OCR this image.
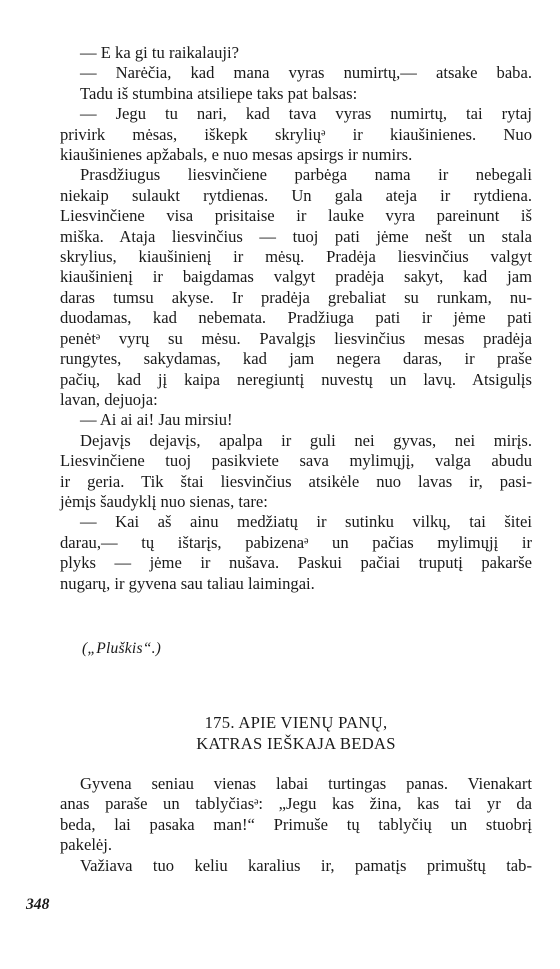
— E ka gi tu raikalauji?
— Narėčia, kad mana vyras numirtų,— atsake baba.
Tadu iš stumbina atsiliepe taks pat balsas:
— Jegu tu nari, kad tava vyras numirtų, tai rytaj
privirk mėsas, iškepk skryliųᵊ ir kiaušinienes. Nuo
kiaušinienes apžabals, e nuo mesas apsirgs ir numirs.
Prasdžiugus liesvinčiene parbėga nama ir nebegali
niekaip sulaukt rytdienas. Un gala ateja ir rytdiena.
Liesvinčiene visa prisitaise ir lauke vyra pareinunt iš
miška. Ataja liesvinčius — tuoj pati jėme nešt un stala
skrylius, kiaušinienį ir mėsų. Pradėja liesvinčius valgyt
kiaušinienį ir baigdamas valgyt pradėja sakyt, kad jam
daras tumsu akyse. Ir pradėja grebaliat su runkam, nu-
duodamas, kad nebemata. Pradžiuga pati ir jėme pati
penėtᵊ vyrų su mėsu. Pavalgįs liesvinčius mesas pradėja
rungytes, sakydamas, kad jam negera daras, ir praše
pačių, kad jį kaipa neregiuntį nuvestų un lavų. Atsigulįs
lavan, dejuoja:
— Ai ai ai! Jau mirsiu!
Dejavįs dejavįs, apalpa ir guli nei gyvas, nei mirįs.
Liesvinčiene tuoj pasikviete sava mylimųjį, valga abudu
ir geria. Tik štai liesvinčius atsikėle nuo lavas ir, pasi-
jėmįs šaudyklį nuo sienas, tare:
— Kai aš ainu medžiatų ir sutinku vilkų, tai šitei
darau,— tų ištarįs, pabizenaᵊ un pačias mylimųjį ir
plyks — jėme ir nušava. Paskui pačiai truputį pakarše
nugarų, ir gyvena sau taliau laimingai.
(„Pluškis“.)
175. APIE VIENŲ PANŲ,
KATRAS IEŠKAJA BEDAS
Gyvena seniau vienas labai turtingas panas. Vienakart
anas paraše un tablyčiasᵊ: „Jegu kas žina, kas tai yr da
beda, lai pasaka man!“ Primuše tų tablyčių un stuobrį
pakelėj.
Važiava tuo keliu karalius ir, pamatįs primuštų tab-
348
